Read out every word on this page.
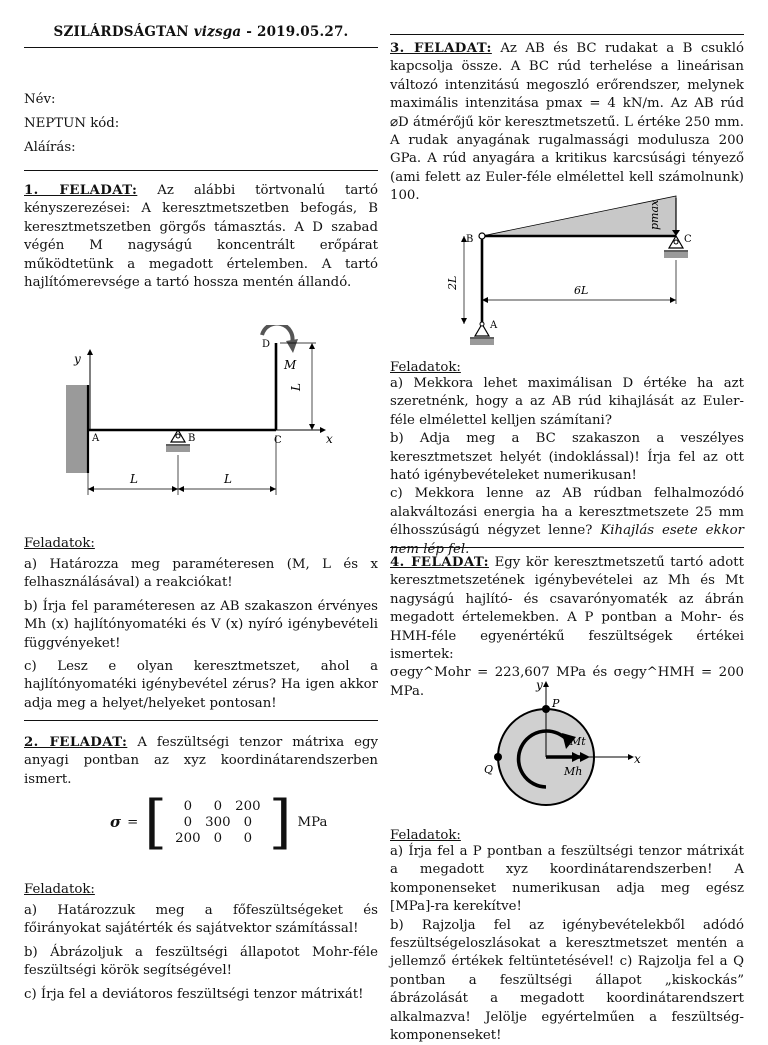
SZILÁRDSÁGTAN vizsga - 2019.05.27.
Név:
NEPTUN kód:
Aláírás:

1. FELADAT: Az alábbi törtvonalú tartó kényszerezései: A keresztmetszetben befogás, B keresztmetszetben görgős támasztás. A D szabad végén M nagyságú koncentrált erőpárat működtetünk a megadott értelemben. A tartó hajlítómerevsége a tartó hossza mentén állandó.

y
x
A	B	C
D
M
L
L	L
Feladatok:

a) Határozza meg paraméteresen (M, L és x felhasználásával) a reakciókat!

b) Írja fel paraméteresen az AB szakaszon érvényes Mh (x) hajlítónyomatéki és V (x) nyíró igénybevételi függvényeket!

c) Lesz e olyan keresztmetszet, ahol a hajlítónyomatéki igénybevétel zérus? Ha igen akkor adja meg a helyet/helyeket pontosan!

2. FELADAT: A feszültségi tenzor mátrixa egy anyagi pontban az xyz koordinátarendszerben ismert.

σ = [	0	0 200
0 300 0
200 0	0 ] MPa
Feladatok:

a) Határozzuk meg a főfeszültségeket és főirányokat sajátérték és sajátvektor számítással!

b) Ábrázoljuk a feszültségi állapotot Mohr-féle feszültségi körök segítségével!

c) Írja fel a deviátoros feszültségi tenzor mátrixát!

3. FELADAT: Az AB és BC rudakat a B csukló kapcsolja össze. A BC rúd terhelése a lineárisan változó intenzitású megoszló erőrendszer, melynek maximális intenzitása pmax = 4 kN/m. Az AB rúd ⌀D átmérőjű kör keresztmetszetű. L értéke 250 mm. A rudak anyagának rugalmassági modulusza 200 GPa. A rúd anyagára a kritikus karcsúsági tényező (ami felett az Euler-féle elmélettel kell számolnunk) 100.

pmax
B
A
C
2L
6L
Feladatok:

a) Mekkora lehet maximálisan D értéke ha azt szeretnénk, hogy a az AB rúd kihajlását az Euler-féle elmélettel kelljen számítani?

b) Adja meg a BC szakaszon a veszélyes keresztmetszet helyét (indoklással)! Írja fel az ott ható igénybevételeket numerikusan!

c) Mekkora lenne az AB rúdban felhalmozódó alakváltozási energia ha a keresztmetszete 25 mm élhosszúságú négyzet lenne? Kihajlás esete ekkor nem lép fel.

4. FELADAT: Egy kör keresztmetszetű tartó adott keresztmetszetének igénybevételei az Mh és Mt nagyságú hajlító- és csavarónyomaték az ábrán megadott értelemekben. A P pontban a Mohr- és HMH-féle egyenértékű feszültségek értékei ismertek:

σegy^Mohr = 223,607 MPa és σegy^HMH = 200 MPa.	y
x
P
Q
Mt
Mh
Feladatok:

a) Írja fel a P pontban a feszültségi tenzor mátrixát a megadott xyz koordinátarendszerben! A komponenseket numerikusan adja meg egész [MPa]-ra kerekítve!

b) Rajzolja fel az igénybevételekből adódó feszültségeloszlásokat a keresztmetszet mentén a jellemző értékek feltüntetésével! c) Rajzolja fel a Q pontban a feszültségi állapot „kiskockás” ábrázolását a megadott koordinátarendszert alkalmazva! Jelölje egyértelműen a feszültség-komponenseket!
